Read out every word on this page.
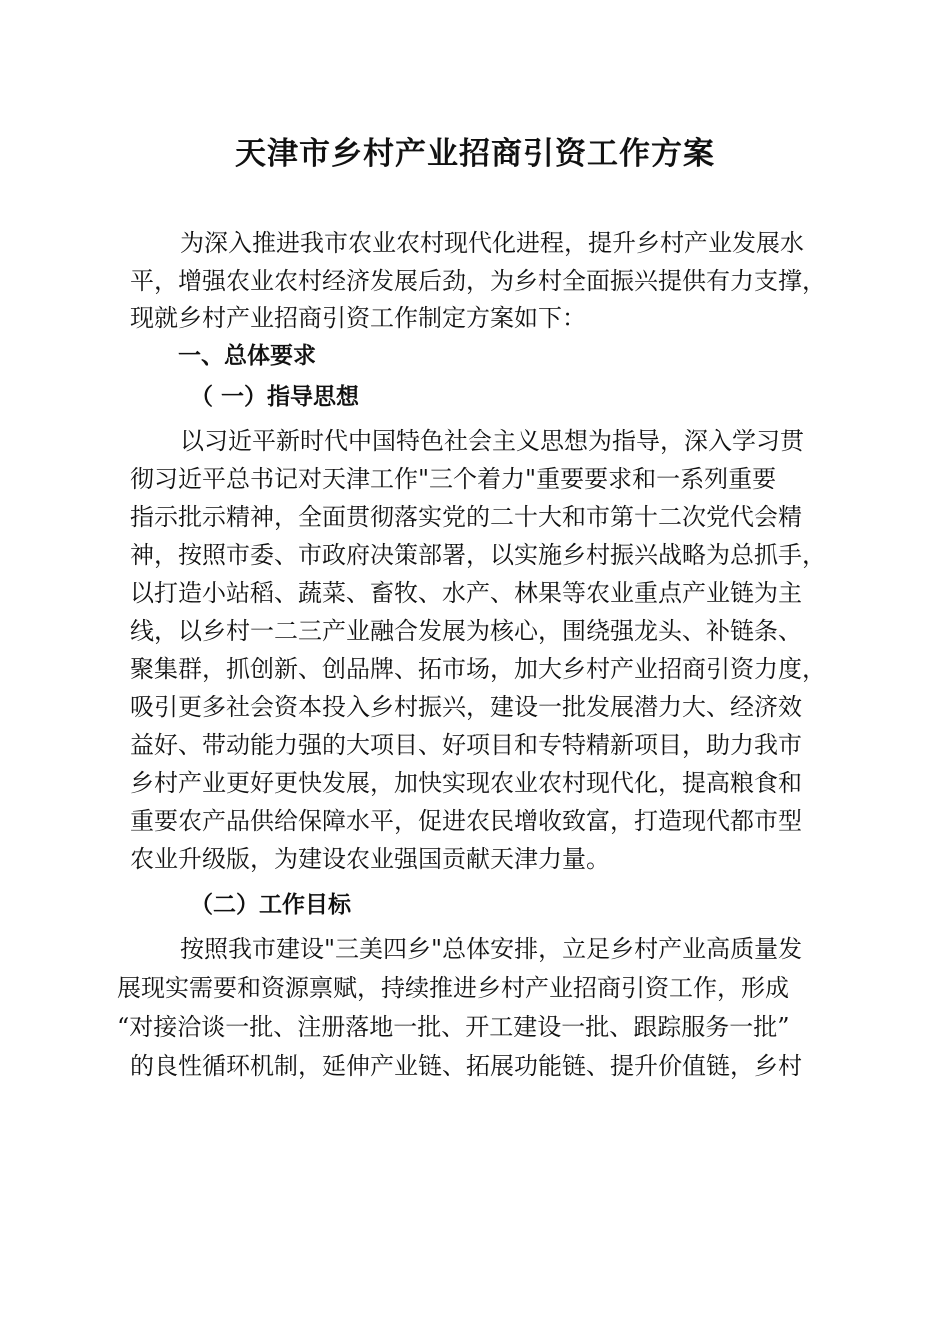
天津市乡村产业招商引资工作方案
为深入推进我市农业农村现代化进程，提升乡村产业发展水
平，增强农业农村经济发展后劲，为乡村全面振兴提供有力支撑，
现就乡村产业招商引资工作制定方案如下：
一、总体要求
（ 一）指导思想
以习近平新时代中国特色社会主义思想为指导，深入学习贯
彻习近平总书记对天津工作"三个着力"重要要求和一系列重要
指示批示精神，全面贯彻落实党的二十大和市第十二次党代会精
神，按照市委、市政府决策部署，以实施乡村振兴战略为总抓手，
以打造小站稻、蔬菜、畜牧、水产、林果等农业重点产业链为主
线，以乡村一二三产业融合发展为核心，围绕强龙头、补链条、
聚集群，抓创新、创品牌、拓市场，加大乡村产业招商引资力度，
吸引更多社会资本投入乡村振兴，建设一批发展潜力大、经济效
益好、带动能力强的大项目、好项目和专特精新项目，助力我市
乡村产业更好更快发展，加快实现农业农村现代化，提高粮食和
重要农产品供给保障水平，促进农民增收致富，打造现代都市型
农业升级版，为建设农业强国贡献天津力量。
（二）工作目标
按照我市建设"三美四乡"总体安排，立足乡村产业高质量发
展现实需要和资源禀赋，持续推进乡村产业招商引资工作，形成
“对接洽谈一批、注册落地一批、开工建设一批、跟踪服务一批”
的良性循环机制，延伸产业链、拓展功能链、提升价值链，乡村
